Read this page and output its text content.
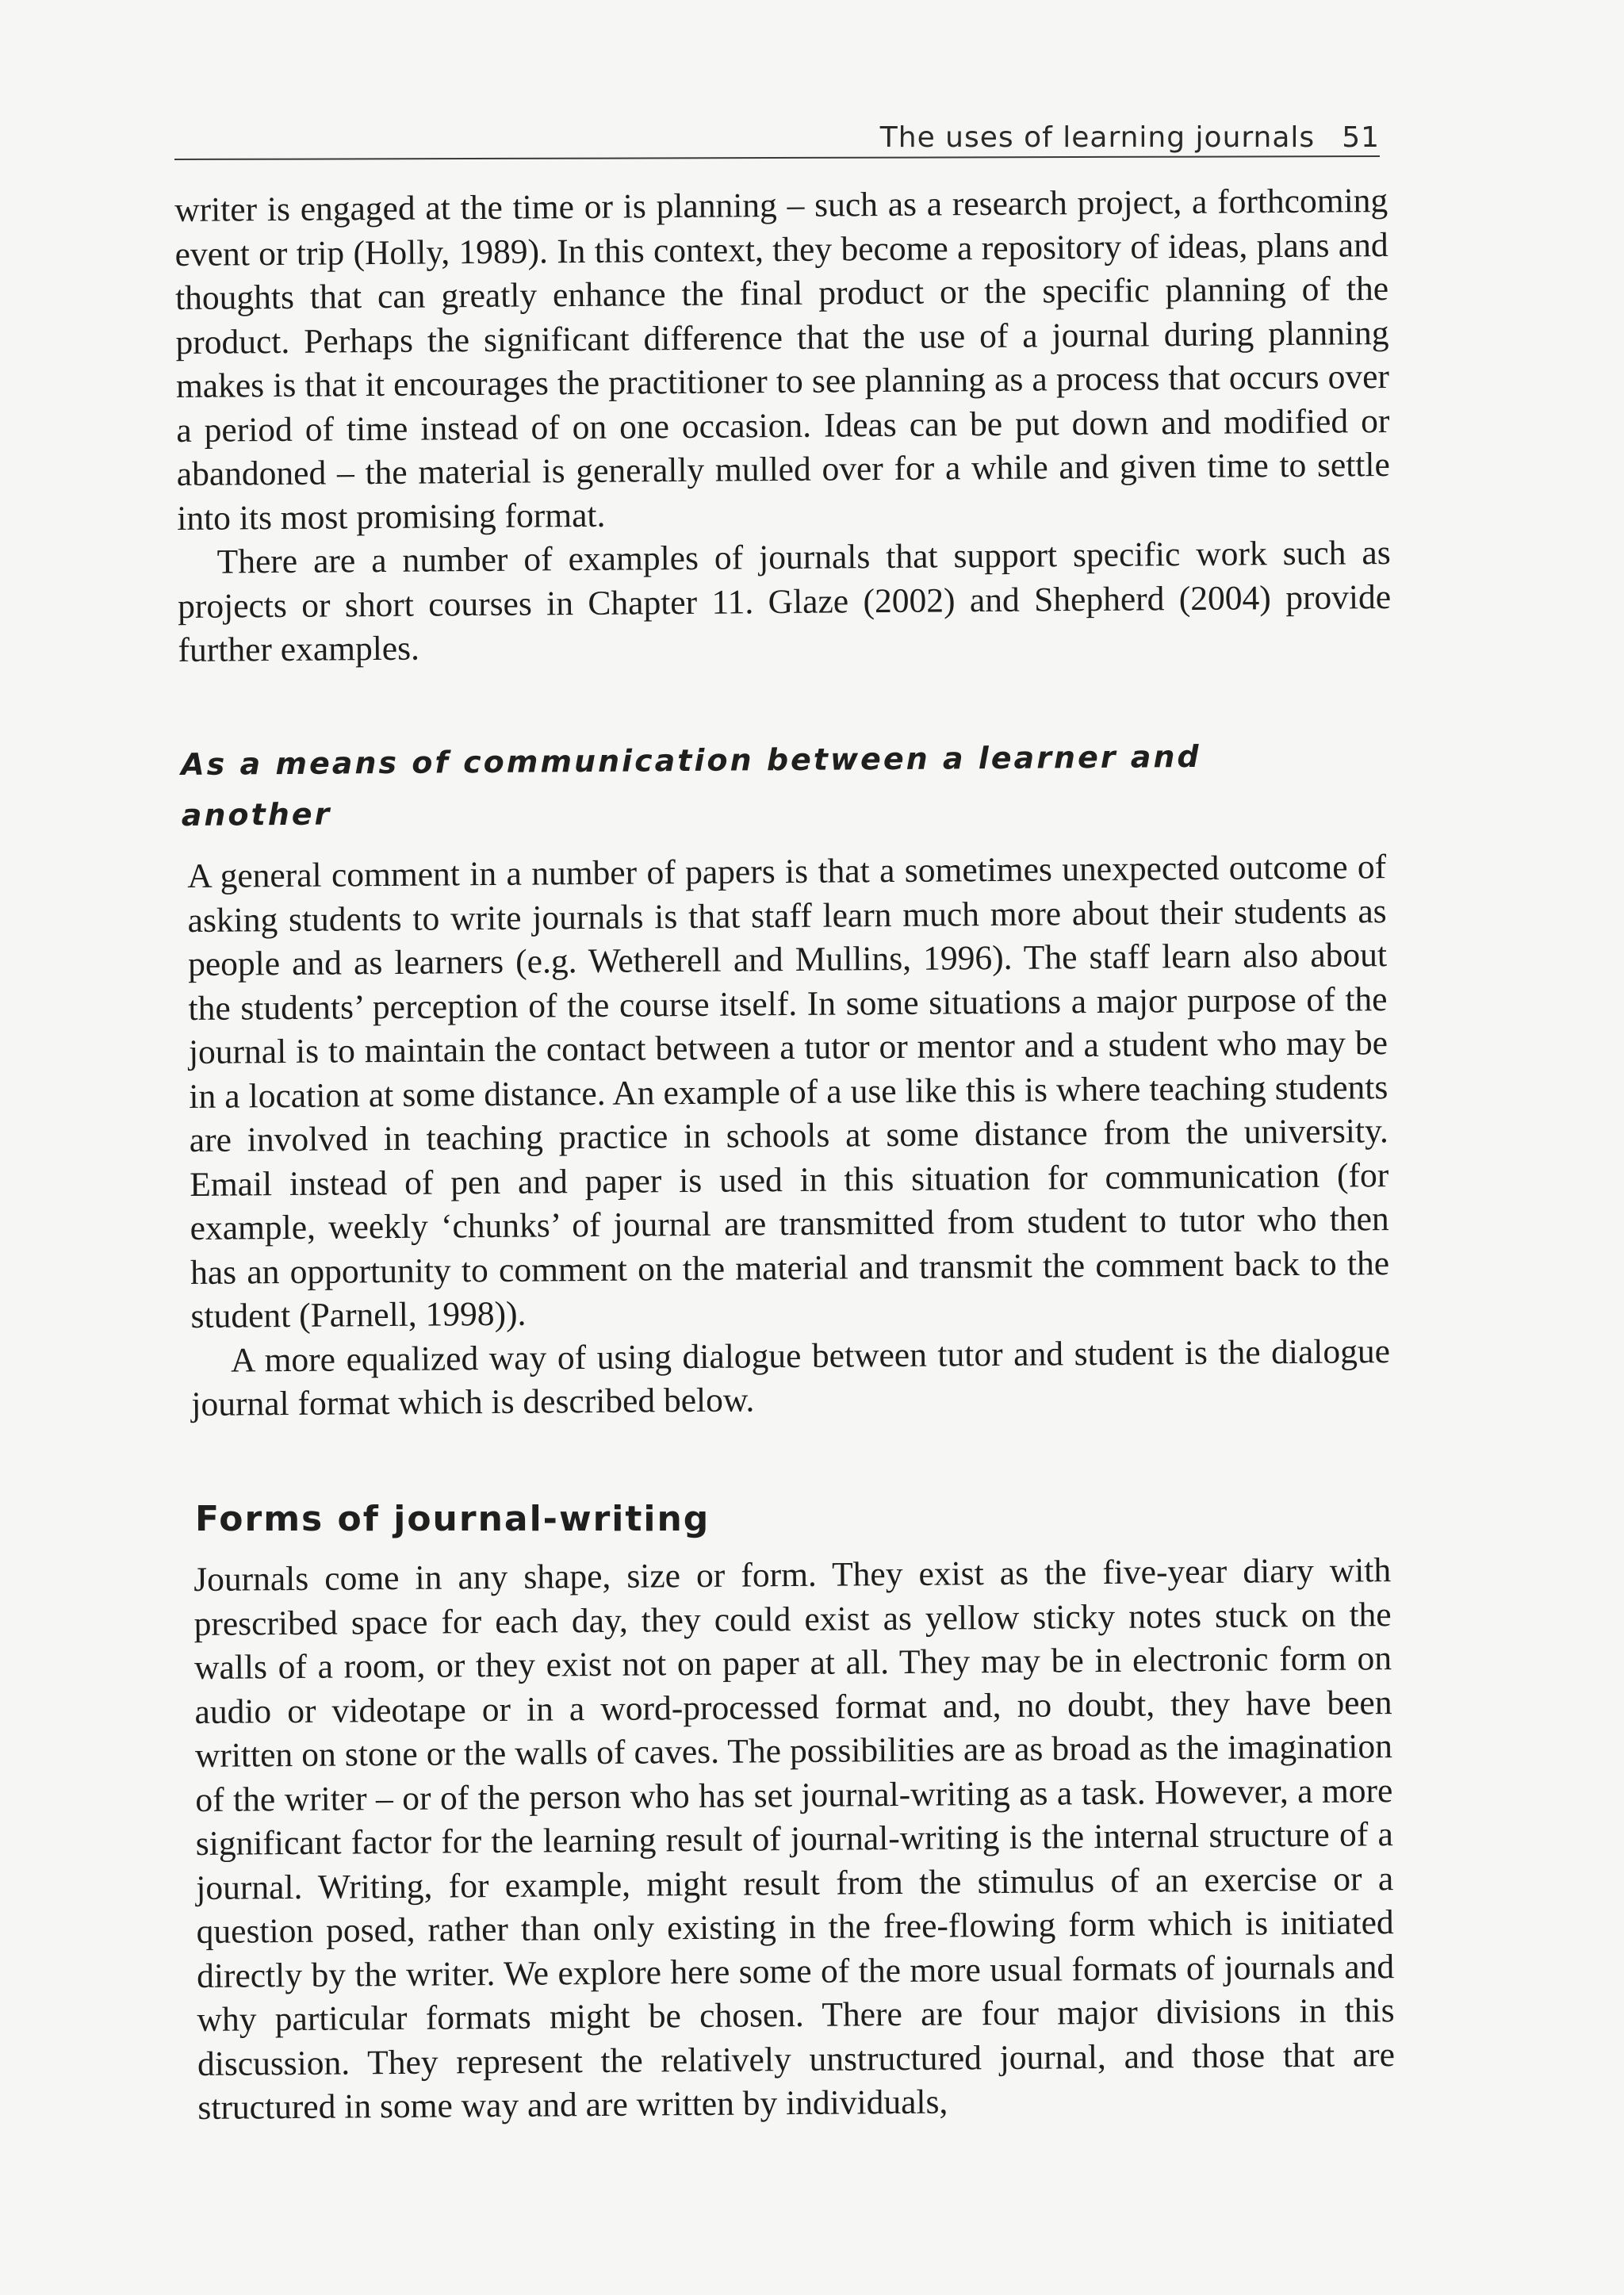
The uses of learning journals 51

writer is engaged at the time or is planning – such as a research project, a forthcoming event or trip (Holly, 1989). In this context, they become a repository of ideas, plans and thoughts that can greatly enhance the final product or the specific planning of the product. Perhaps the significant difference that the use of a journal during planning makes is that it encourages the practitioner to see planning as a process that occurs over a period of time instead of on one occasion. Ideas can be put down and modified or abandoned – the material is generally mulled over for a while and given time to settle into its most promising format.

There are a number of examples of journals that support specific work such as projects or short courses in Chapter 11. Glaze (2002) and Shepherd (2004) provide further examples.

As a means of communication between a learner and
another

A general comment in a number of papers is that a sometimes unexpected outcome of asking students to write journals is that staff learn much more about their students as people and as learners (e.g. Wetherell and Mullins, 1996). The staff learn also about the students’ perception of the course itself. In some situations a major purpose of the journal is to maintain the contact between a tutor or mentor and a student who may be in a location at some distance. An example of a use like this is where teaching students are involved in teaching practice in schools at some distance from the university. Email instead of pen and paper is used in this situation for communication (for example, weekly ‘chunks’ of journal are transmitted from student to tutor who then has an opportunity to comment on the material and transmit the comment back to the student (Parnell, 1998)).

A more equalized way of using dialogue between tutor and student is the dialogue journal format which is described below.

Forms of journal-writing

Journals come in any shape, size or form. They exist as the five-year diary with prescribed space for each day, they could exist as yellow sticky notes stuck on the walls of a room, or they exist not on paper at all. They may be in electronic form on audio or videotape or in a word-processed format and, no doubt, they have been written on stone or the walls of caves. The possibilities are as broad as the imagination of the writer – or of the person who has set journal-writing as a task. However, a more significant factor for the learning result of journal-writing is the internal structure of a journal. Writing, for example, might result from the stimulus of an exercise or a question posed, rather than only existing in the free-flowing form which is initiated directly by the writer. We explore here some of the more usual formats of journals and why particular formats might be chosen. There are four major divisions in this discussion. They represent the relatively unstructured journal, and those that are structured in some way and are written by individuals,
